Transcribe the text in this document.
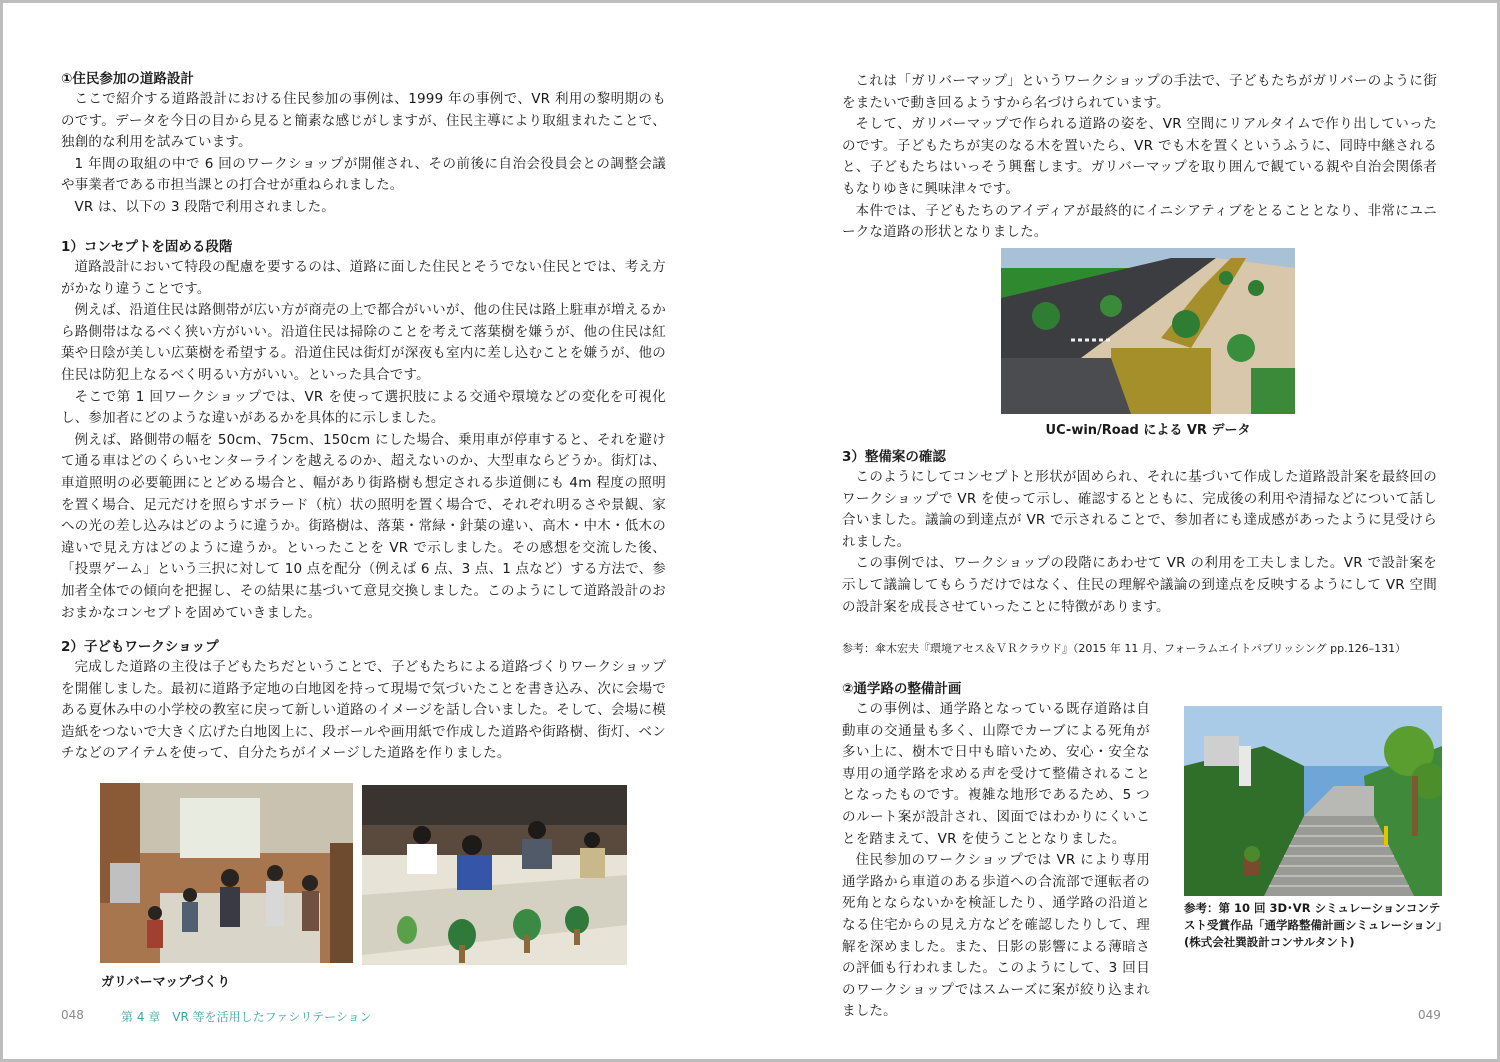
①住民参加の道路設計

ここで紹介する道路設計における住民参加の事例は、1999 年の事例で、VR 利用の黎明期のものです。データを今日の目から見ると簡素な感じがしますが、住民主導により取組まれたことで、独創的な利用を試みています。

1 年間の取組の中で 6 回のワークショップが開催され、その前後に自治会役員会との調整会議や事業者である市担当課との打合せが重ねられました。

VR は、以下の 3 段階で利用されました。

1）コンセプトを固める段階

道路設計において特段の配慮を要するのは、道路に面した住民とそうでない住民とでは、考え方がかなり違うことです。

例えば、沿道住民は路側帯が広い方が商売の上で都合がいいが、他の住民は路上駐車が増えるから路側帯はなるべく狭い方がいい。沿道住民は掃除のことを考えて落葉樹を嫌うが、他の住民は紅葉や日陰が美しい広葉樹を希望する。沿道住民は街灯が深夜も室内に差し込むことを嫌うが、他の住民は防犯上なるべく明るい方がいい。といった具合です。

そこで第 1 回ワークショップでは、VR を使って選択肢による交通や環境などの変化を可視化し、参加者にどのような違いがあるかを具体的に示しました。

例えば、路側帯の幅を 50cm、75cm、150cm にした場合、乗用車が停車すると、それを避けて通る車はどのくらいセンターラインを越えるのか、超えないのか、大型車ならどうか。街灯は、車道照明の必要範囲にとどめる場合と、幅があり街路樹も想定される歩道側にも 4m 程度の照明を置く場合、足元だけを照らすボラード（杭）状の照明を置く場合で、それぞれ明るさや景観、家への光の差し込みはどのように違うか。街路樹は、落葉・常緑・針葉の違い、高木・中木・低木の違いで見え方はどのように違うか。といったことを VR で示しました。その感想を交流した後、「投票ゲーム」という三択に対して 10 点を配分（例えば 6 点、3 点、1 点など）する方法で、参加者全体での傾向を把握し、その結果に基づいて意見交換しました。このようにして道路設計のおおまかなコンセプトを固めていきました。

2）子どもワークショップ

完成した道路の主役は子どもたちだということで、子どもたちによる道路づくりワークショップを開催しました。最初に道路予定地の白地図を持って現場で気づいたことを書き込み、次に会場である夏休み中の小学校の教室に戻って新しい道路のイメージを話し合いました。そして、会場に模造紙をつないで大きく広げた白地図上に、段ボールや画用紙で作成した道路や街路樹、街灯、ベンチなどのアイテムを使って、自分たちがイメージした道路を作りました。

ガリバーマップづくり
048	第 4 章　VR 等を活用したファシリテーション

これは「ガリバーマップ」というワークショップの手法で、子どもたちがガリバーのように街をまたいで動き回るようすから名づけられています。

そして、ガリバーマップで作られる道路の姿を、VR 空間にリアルタイムで作り出していったのです。子どもたちが実のなる木を置いたら、VR でも木を置くというふうに、同時中継されると、子どもたちはいっそう興奮します。ガリバーマップを取り囲んで観ている親や自治会関係者もなりゆきに興味津々です。

本件では、子どもたちのアイディアが最終的にイニシアティブをとることとなり、非常にユニークな道路の形状となりました。

UC-win/Road による VR データ

3）整備案の確認

このようにしてコンセプトと形状が固められ、それに基づいて作成した道路設計案を最終回のワークショップで VR を使って示し、確認するとともに、完成後の利用や清掃などについて話し合いました。議論の到達点が VR で示されることで、参加者にも達成感があったように見受けられました。

この事例では、ワークショップの段階にあわせて VR の利用を工夫しました。VR で設計案を示して議論してもらうだけではなく、住民の理解や議論の到達点を反映するようにして VR 空間の設計案を成長させていったことに特徴があります。

参考：傘木宏夫『環境アセス＆ＶＲクラウド』（2015 年 11 月、フォーラムエイトパブリッシング pp.126–131）

②通学路の整備計画

この事例は、通学路となっている既存道路は自動車の交通量も多く、山際でカーブによる死角が多い上に、樹木で日中も暗いため、安心・安全な専用の通学路を求める声を受けて整備されることとなったものです。複雑な地形であるため、5 つのルート案が設計され、図面ではわかりにくいことを踏まえて、VR を使うこととなりました。

住民参加のワークショップでは VR により専用通学路から車道のある歩道への合流部で運転者の死角とならないかを検証したり、通学路の沿道となる住宅からの見え方などを確認したりして、理解を深めました。また、日影の影響による薄暗さの評価も行われました。このようにして、3 回目のワークショップではスムーズに案が絞り込まれました。

参考：第 10 回 3D･VR シミュレーションコンテスト受賞作品「通学路整備計画シミュレーション」
(株式会社巽設計コンサルタント)
049
